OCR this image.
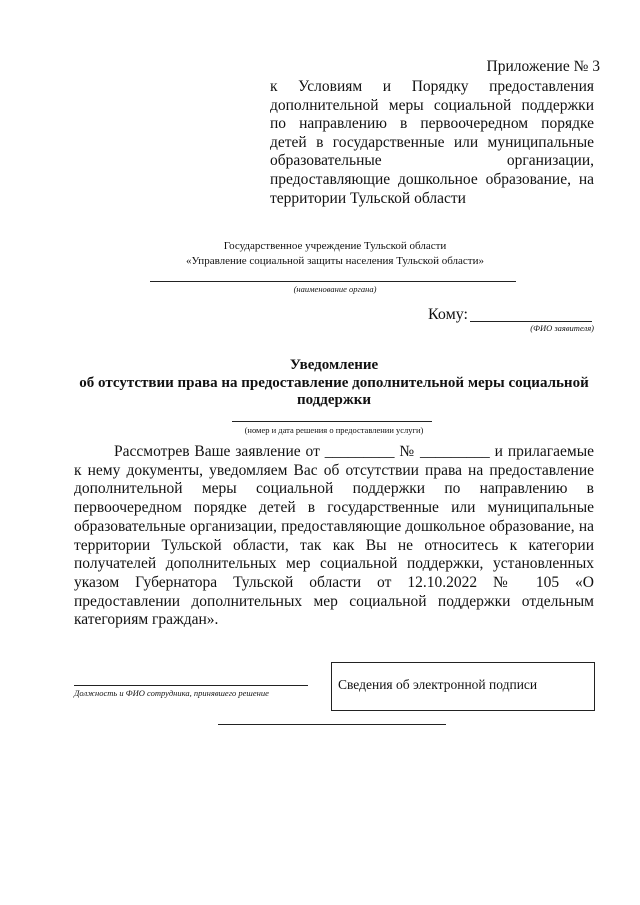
Приложение № 3
к Условиям и Порядку предоставления дополнительной меры социальной поддержки по направлению в первоочередном порядке детей в государственные или муниципальные образовательные организации, предоставляющие дошкольное образование, на территории Тульской области
Государственное учреждение Тульской области
«Управление социальной защиты населения Тульской области»
(наименование органа)
Кому:
(ФИО заявителя)
Уведомление
об отсутствии права на предоставление дополнительной меры социальной поддержки
(номер и дата решения о предоставлении услуги)
Рассмотрев Ваше заявление от _________ № _________ и прилагаемые к нему документы, уведомляем Вас об отсутствии права на предоставление дополнительной меры социальной поддержки по направлению в первоочередном порядке детей в государственные или муниципальные образовательные организации, предоставляющие дошкольное образование, на территории Тульской области, так как Вы не относитесь к категории получателей дополнительных мер социальной поддержки, установленных указом Губернатора Тульской области от 12.10.2022 № 105 «О предоставлении дополнительных мер социальной поддержки отдельным категориям граждан».
Должность и ФИО сотрудника, принявшего решение
Сведения об электронной подписи
